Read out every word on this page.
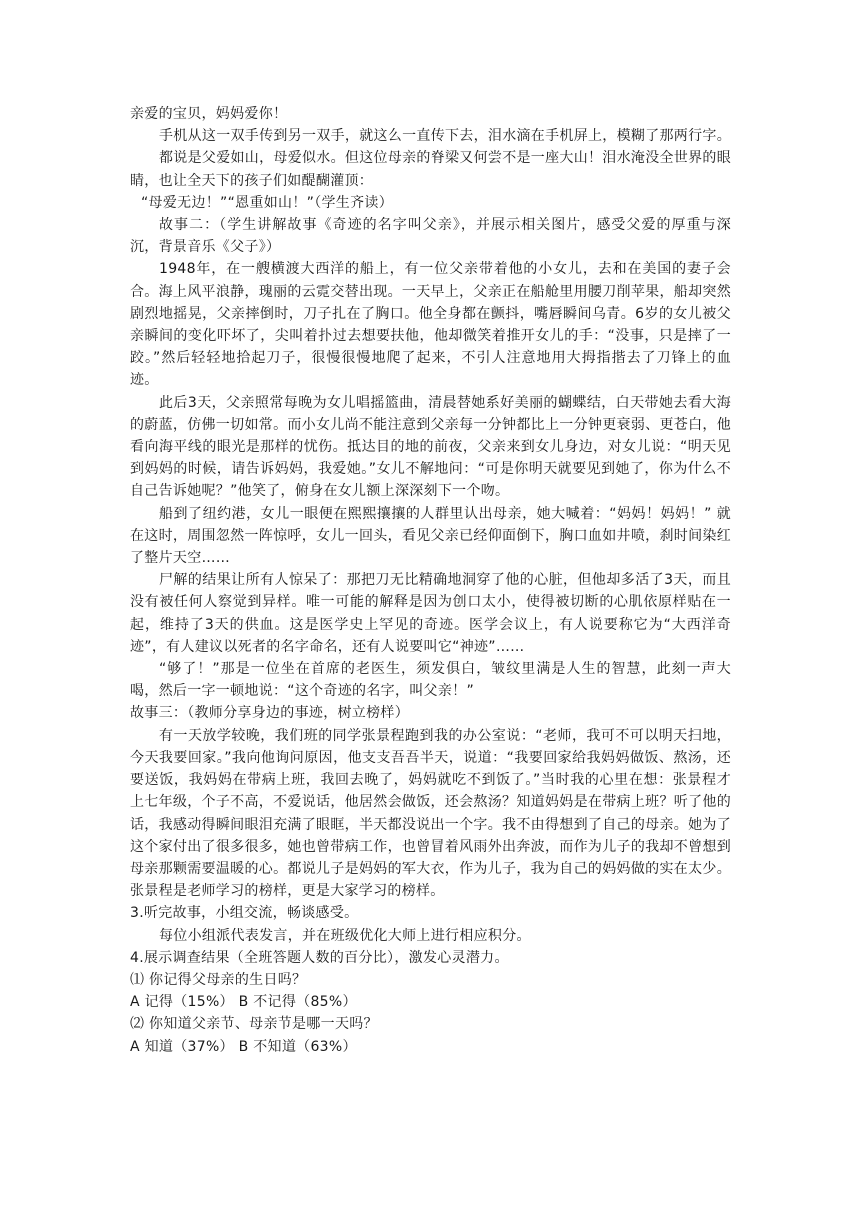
亲爱的宝贝，妈妈爱你！

手机从这一双手传到另一双手，就这么一直传下去，泪水滴在手机屏上，模糊了那两行字。

都说是父爱如山，母爱似水。但这位母亲的脊梁又何尝不是一座大山！泪水淹没全世界的眼睛，也让全天下的孩子们如醍醐灌顶：

“母爱无边！”“恩重如山！”（学生齐读）

故事二：（学生讲解故事《奇迹的名字叫父亲》，并展示相关图片，感受父爱的厚重与深沉，背景音乐《父子》）

1948年，在一艘横渡大西洋的船上，有一位父亲带着他的小女儿，去和在美国的妻子会合。海上风平浪静，瑰丽的云霓交替出现。一天早上，父亲正在船舱里用腰刀削苹果，船却突然剧烈地摇晃，父亲摔倒时，刀子扎在了胸口。他全身都在颤抖，嘴唇瞬间乌青。6岁的女儿被父亲瞬间的变化吓坏了，尖叫着扑过去想要扶他，他却微笑着推开女儿的手：“没事，只是摔了一跤。”然后轻轻地拾起刀子，很慢很慢地爬了起来，不引人注意地用大拇指揩去了刀锋上的血迹。

此后3天，父亲照常每晚为女儿唱摇篮曲，清晨替她系好美丽的蝴蝶结，白天带她去看大海的蔚蓝，仿佛一切如常。而小女儿尚不能注意到父亲每一分钟都比上一分钟更衰弱、更苍白，他看向海平线的眼光是那样的忧伤。抵达目的地的前夜，父亲来到女儿身边，对女儿说：“明天见到妈妈的时候，请告诉妈妈，我爱她。”女儿不解地问：“可是你明天就要见到她了，你为什么不自己告诉她呢？”他笑了，俯身在女儿额上深深刻下一个吻。

船到了纽约港，女儿一眼便在熙熙攘攘的人群里认出母亲，她大喊着：“妈妈！妈妈！” 就在这时，周围忽然一阵惊呼，女儿一回头，看见父亲已经仰面倒下，胸口血如井喷，刹时间染红了整片天空……

尸解的结果让所有人惊呆了：那把刀无比精确地洞穿了他的心脏，但他却多活了3天，而且没有被任何人察觉到异样。唯一可能的解释是因为创口太小，使得被切断的心肌依原样贴在一起，维持了3天的供血。这是医学史上罕见的奇迹。医学会议上，有人说要称它为“大西洋奇迹”，有人建议以死者的名字命名，还有人说要叫它“神迹”……

“够了！”那是一位坐在首席的老医生，须发俱白，皱纹里满是人生的智慧，此刻一声大喝，然后一字一顿地说：“这个奇迹的名字，叫父亲！”

故事三：（教师分享身边的事迹，树立榜样）

有一天放学较晚，我们班的同学张景程跑到我的办公室说：“老师，我可不可以明天扫地，今天我要回家。”我向他询问原因，他支支吾吾半天，说道：“我要回家给我妈妈做饭、熬汤，还要送饭，我妈妈在带病上班，我回去晚了，妈妈就吃不到饭了。”当时我的心里在想：张景程才上七年级，个子不高，不爱说话，他居然会做饭，还会熬汤？知道妈妈是在带病上班？听了他的话，我感动得瞬间眼泪充满了眼眶，半天都没说出一个字。我不由得想到了自己的母亲。她为了这个家付出了很多很多，她也曾带病工作，也曾冒着风雨外出奔波，而作为儿子的我却不曾想到母亲那颗需要温暖的心。都说儿子是妈妈的军大衣，作为儿子，我为自己的妈妈做的实在太少。张景程是老师学习的榜样，更是大家学习的榜样。

3.听完故事，小组交流，畅谈感受。

每位小组派代表发言，并在班级优化大师上进行相应积分。

4.展示调查结果（全班答题人数的百分比），激发心灵潜力。

⑴ 你记得父母亲的生日吗？

A 记得（15%） B 不记得（85%）

⑵ 你知道父亲节、母亲节是哪一天吗？

A 知道（37%） B 不知道（63%）
